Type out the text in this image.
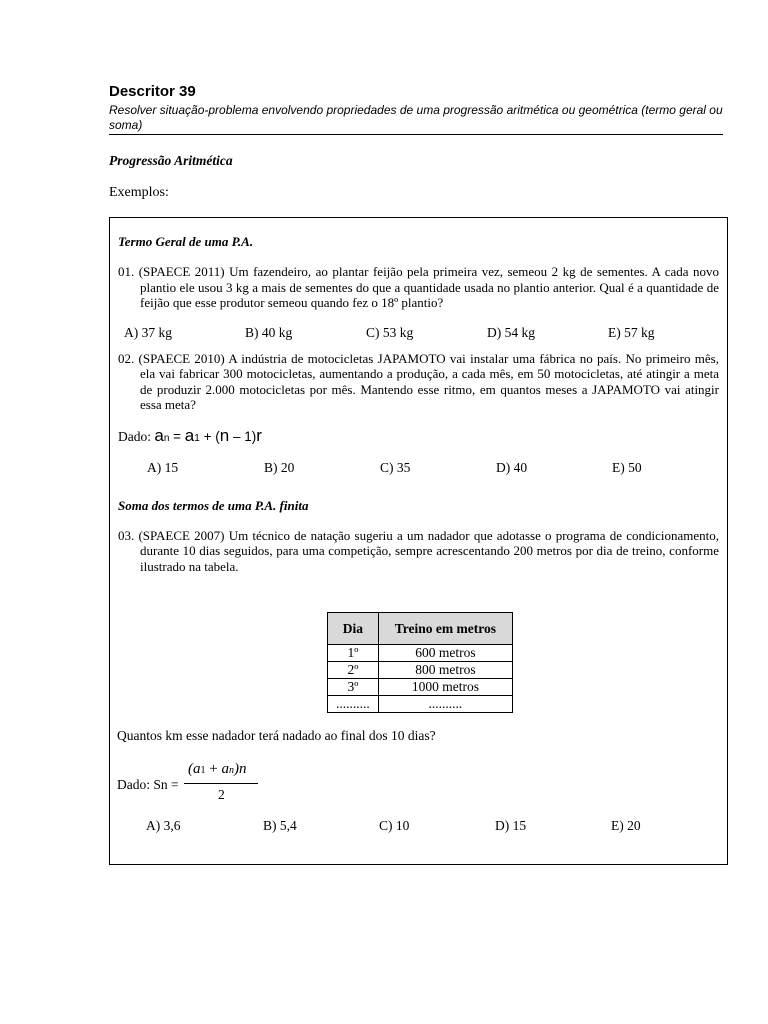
Descritor 39

Resolver situação-problema envolvendo propriedades de uma progressão aritmética ou geométrica (termo geral ou soma)

Progressão Aritmética

Exemplos:

Termo Geral de uma P.A.

01. (SPAECE 2011) Um fazendeiro, ao plantar feijão pela primeira vez, semeou 2 kg de sementes. A cada novo plantio ele usou 3 kg a mais de sementes do que a quantidade usada no plantio anterior. Qual é a quantidade de feijão que esse produtor semeou quando fez o 18º plantio?

A) 37 kg	B) 40 kg	C) 53 kg	D) 54 kg	E) 57 kg

02. (SPAECE 2010) A indústria de motocicletas JAPAMOTO vai instalar uma fábrica no país. No primeiro mês, ela vai fabricar 300 motocicletas, aumentando a produção, a cada mês, em 50 motocicletas, até atingir a meta de produzir 2.000 motocicletas por mês. Mantendo esse ritmo, em quantos meses a JAPAMOTO vai atingir essa meta?

Dado: an = a1 + (n – 1)r

A) 15	B) 20	C) 35	D) 40	E) 50

Soma dos termos de uma P.A. finita

03. (SPAECE 2007) Um técnico de natação sugeriu a um nadador que adotasse o programa de condicionamento, durante 10 dias seguidos, para uma competição, sempre acrescentando 200 metros por dia de treino, conforme ilustrado na tabela.

Dia	Treino em metros
1º	600 metros
2º	800 metros
3º	1000 metros
..........	..........

Quantos km esse nadador terá nadado ao final dos 10 dias?

Dado: Sn =
(a1 + an)n
2
A) 3,6	B) 5,4	C) 10	D) 15	E) 20
